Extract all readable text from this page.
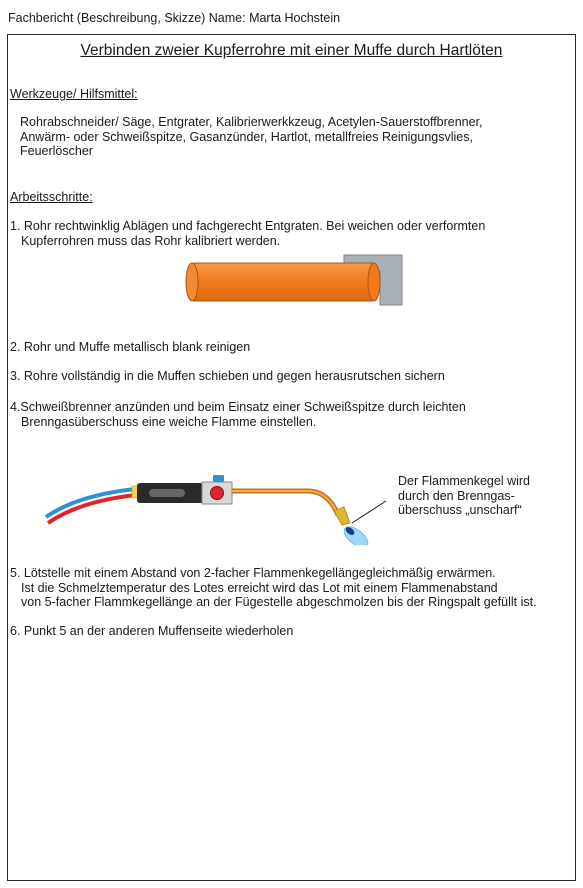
Fachbericht (Beschreibung, Skizze) Name: Marta Hochstein
Verbinden zweier Kupferrohre mit einer Muffe durch Hartlöten
Werkzeuge/ Hilfsmittel:
Rohrabschneider/ Säge, Entgrater, Kalibrierwerkkzeug, Acetylen-Sauerstoffbrenner,
Anwärm- oder Schweißspitze, Gasanzünder, Hartlot, metallfreies Reinigungsvlies,
Feuerlöscher
Arbeitsschritte:
1. Rohr rechtwinklig Ablägen und fachgerecht Entgraten. Bei weichen oder verformten
Kupferrohren muss das Rohr kalibriert werden.
2. Rohr und Muffe metallisch blank reinigen
3. Rohre vollständig in die Muffen schieben und gegen herausrutschen sichern
4.Schweißbrenner anzünden und beim Einsatz einer Schweißspitze durch leichten
Brenngasüberschuss eine weiche Flamme einstellen.
Der Flammenkegel wird
durch den Brenngas-
überschuss „unscharf“
5. Lötstelle mit einem Abstand von 2-facher Flammenkegellängegleichmäßig erwärmen.
Ist die Schmelztemperatur des Lotes erreicht wird das Lot mit einem Flammenabstand
von 5-facher Flammkegellänge an der Fügestelle abgeschmolzen bis der Ringspalt gefüllt ist.
6. Punkt 5 an der anderen Muffenseite wiederholen
